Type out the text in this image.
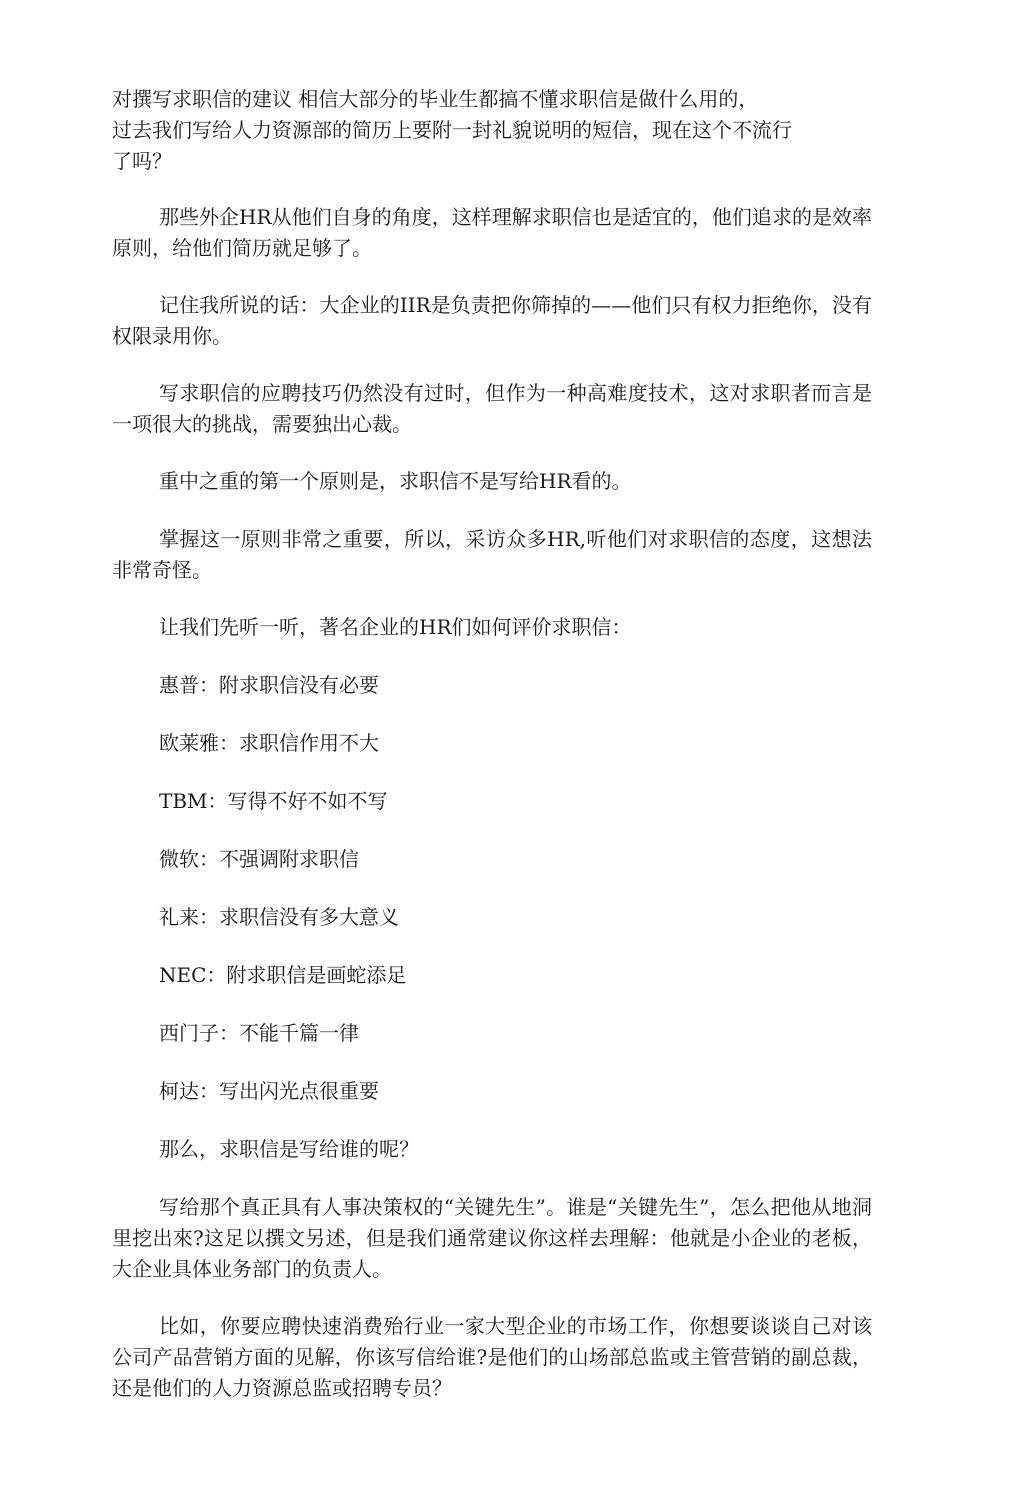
对撰写求职信的建议 相信大部分的毕业生都搞不懂求职信是做什么用的，
过去我们写给人力资源部的简历上要附一封礼貌说明的短信，现在这个不流行
了吗？

那些外企HR从他们自身的角度，这样理解求职信也是适宜的，他们追求的是效率原则，给他们简历就足够了。

记住我所说的话：大企业的IIR是负责把你筛掉的——他们只有权力拒绝你，没有权限录用你。

写求职信的应聘技巧仍然没有过时，但作为一种高难度技术，这对求职者而言是一项很大的挑战，需要独出心裁。

重中之重的第一个原则是，求职信不是写给HR看的。

掌握这一原则非常之重要，所以，采访众多HR,听他们对求职信的态度，这想法非常奇怪。

让我们先听一听，著名企业的HR们如何评价求职信：

惠普：附求职信没有必要

欧莱雅：求职信作用不大

TBM：写得不好不如不写

微软：不强调附求职信

礼来：求职信没有多大意义

NEC：附求职信是画蛇添足

西门子：不能千篇一律

柯达：写出闪光点很重要

那么，求职信是写给谁的呢？

写给那个真正具有人事决策权的“关键先生”。谁是“关键先生”，怎么把他从地洞里挖出來?这足以撰文另述，但是我们通常建议你这样去理解：他就是小企业的老板，大企业具体业务部门的负责人。

比如，你要应聘快速消费殆行业一家大型企业的市场工作，你想要谈谈自己对该公司产品营销方面的见解，你该写信给谁?是他们的山场部总监或主管营销的副总裁，还是他们的人力资源总监或招聘专员？
